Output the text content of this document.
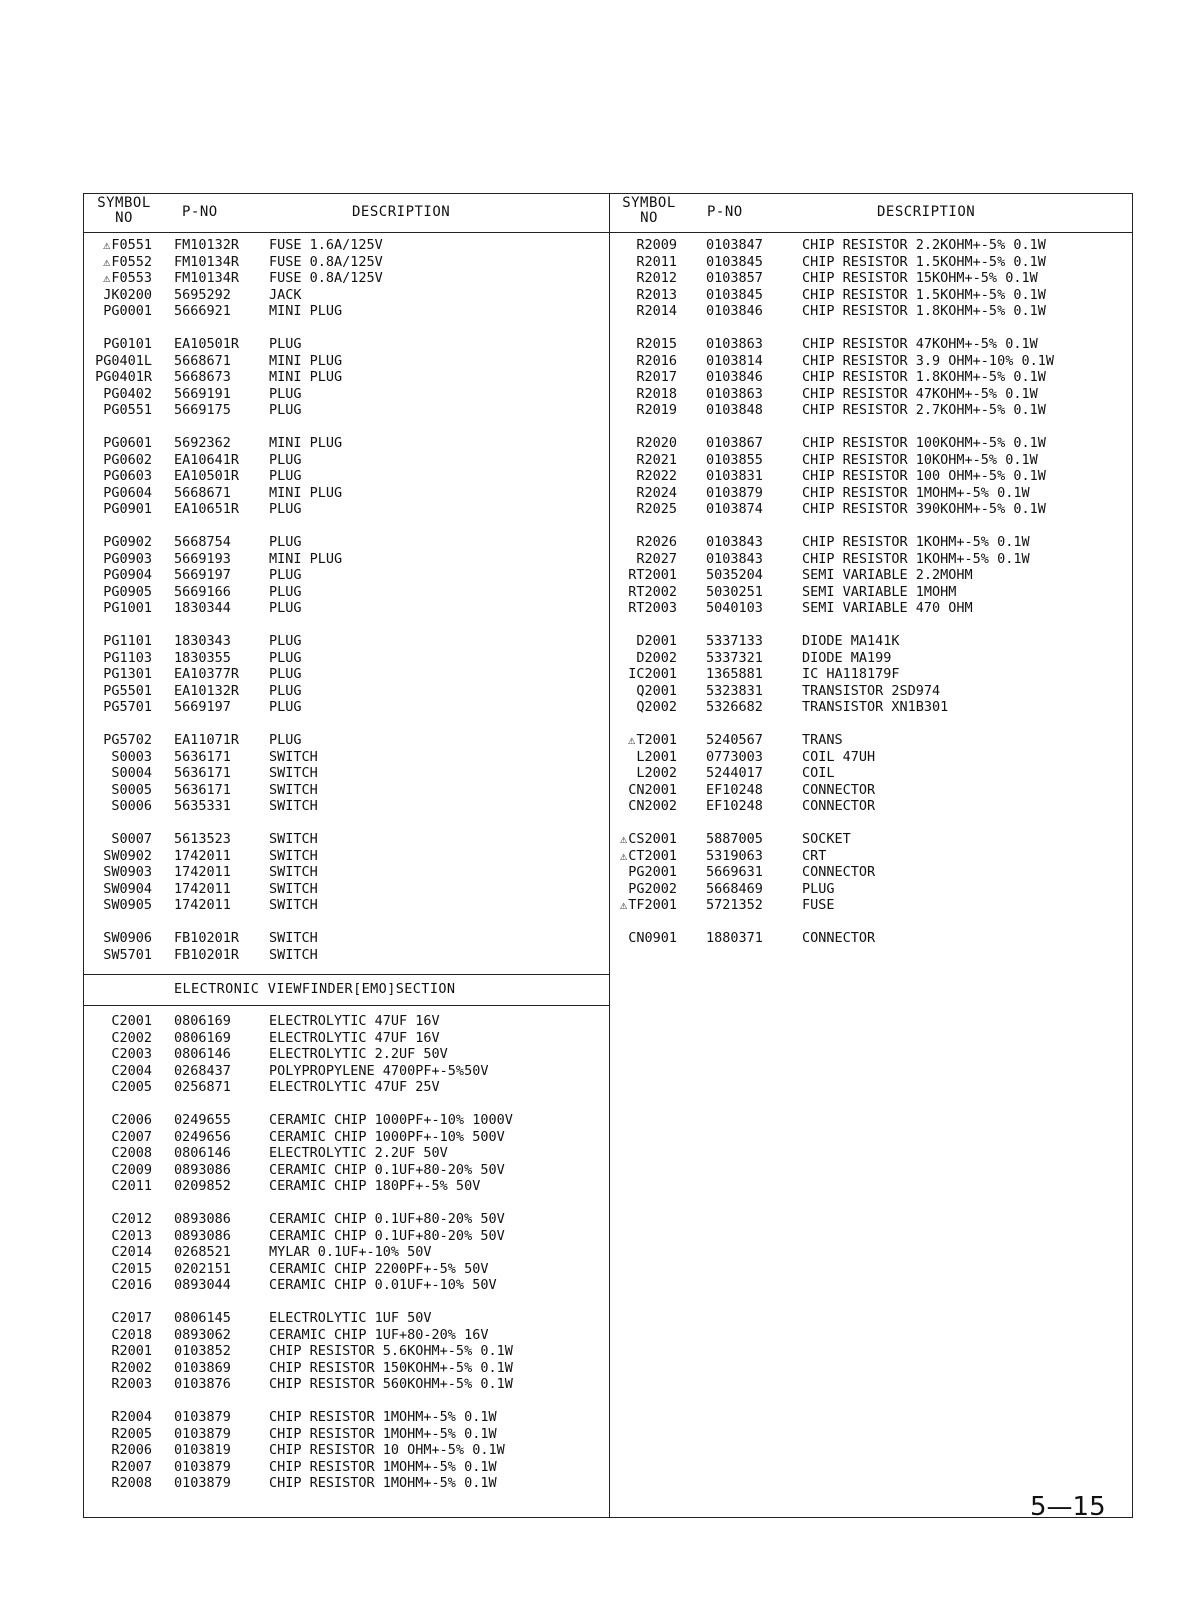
SYMBOL
NO	P-NO	DESCRIPTION
⚠F0551 FM10132R FUSE 1.6A/125V
⚠F0552 FM10134R FUSE 0.8A/125V
⚠F0553 FM10134R FUSE 0.8A/125V
JK0200 5695292	JACK
PG0001 5666921	MINI PLUG
PG0101 EA10501R PLUG
PG0401L 5668671	MINI PLUG
PG0401R 5668673	MINI PLUG
PG0402 5669191	PLUG
PG0551 5669175	PLUG
PG0601 5692362	MINI PLUG
PG0602 EA10641R PLUG
PG0603 EA10501R PLUG
PG0604 5668671	MINI PLUG
PG0901 EA10651R PLUG
PG0902 5668754	PLUG
PG0903 5669193	MINI PLUG
PG0904 5669197	PLUG
PG0905 5669166	PLUG
PG1001 1830344	PLUG
PG1101 1830343	PLUG
PG1103 1830355	PLUG
PG1301 EA10377R PLUG
PG5501 EA10132R PLUG
PG5701 5669197	PLUG
PG5702 EA11071R PLUG
S0003 5636171	SWITCH
S0004 5636171	SWITCH
S0005 5636171	SWITCH
S0006 5635331	SWITCH
S0007 5613523	SWITCH
SW0902 1742011	SWITCH
SW0903 1742011	SWITCH
SW0904 1742011	SWITCH
SW0905 1742011	SWITCH
SW0906 FB10201R SWITCH
SW5701 FB10201R SWITCH
ELECTRONIC VIEWFINDER[EMO]SECTION
C2001 0806169	ELECTROLYTIC 47UF 16V
C2002 0806169	ELECTROLYTIC 47UF 16V
C2003 0806146	ELECTROLYTIC 2.2UF 50V
C2004 0268437	POLYPROPYLENE 4700PF+-5%50V
C2005 0256871	ELECTROLYTIC 47UF 25V
C2006 0249655	CERAMIC CHIP 1000PF+-10% 1000V
C2007 0249656	CERAMIC CHIP 1000PF+-10% 500V
C2008 0806146	ELECTROLYTIC 2.2UF 50V
C2009 0893086	CERAMIC CHIP 0.1UF+80-20% 50V
C2011 0209852	CERAMIC CHIP 180PF+-5% 50V
C2012 0893086	CERAMIC CHIP 0.1UF+80-20% 50V
C2013 0893086	CERAMIC CHIP 0.1UF+80-20% 50V
C2014 0268521	MYLAR 0.1UF+-10% 50V
C2015 0202151	CERAMIC CHIP 2200PF+-5% 50V
C2016 0893044	CERAMIC CHIP 0.01UF+-10% 50V
C2017 0806145	ELECTROLYTIC 1UF 50V
C2018 0893062	CERAMIC CHIP 1UF+80-20% 16V
R2001 0103852	CHIP RESISTOR 5.6KOHM+-5% 0.1W
R2002 0103869	CHIP RESISTOR 150KOHM+-5% 0.1W
R2003 0103876	CHIP RESISTOR 560KOHM+-5% 0.1W
R2004 0103879	CHIP RESISTOR 1MOHM+-5% 0.1W
R2005 0103879	CHIP RESISTOR 1MOHM+-5% 0.1W
R2006 0103819	CHIP RESISTOR 10 OHM+-5% 0.1W
R2007 0103879	CHIP RESISTOR 1MOHM+-5% 0.1W
R2008 0103879	CHIP RESISTOR 1MOHM+-5% 0.1W
SYMBOL
NO	P-NO	DESCRIPTION
R2009 0103847	CHIP RESISTOR 2.2KOHM+-5% 0.1W
R2011 0103845	CHIP RESISTOR 1.5KOHM+-5% 0.1W
R2012 0103857	CHIP RESISTOR 15KOHM+-5% 0.1W
R2013 0103845	CHIP RESISTOR 1.5KOHM+-5% 0.1W
R2014 0103846	CHIP RESISTOR 1.8KOHM+-5% 0.1W
R2015 0103863	CHIP RESISTOR 47KOHM+-5% 0.1W
R2016 0103814	CHIP RESISTOR 3.9 OHM+-10% 0.1W
R2017 0103846	CHIP RESISTOR 1.8KOHM+-5% 0.1W
R2018 0103863	CHIP RESISTOR 47KOHM+-5% 0.1W
R2019 0103848	CHIP RESISTOR 2.7KOHM+-5% 0.1W
R2020 0103867	CHIP RESISTOR 100KOHM+-5% 0.1W
R2021 0103855	CHIP RESISTOR 10KOHM+-5% 0.1W
R2022 0103831	CHIP RESISTOR 100 OHM+-5% 0.1W
R2024 0103879	CHIP RESISTOR 1MOHM+-5% 0.1W
R2025 0103874	CHIP RESISTOR 390KOHM+-5% 0.1W
R2026 0103843	CHIP RESISTOR 1KOHM+-5% 0.1W
R2027 0103843	CHIP RESISTOR 1KOHM+-5% 0.1W
RT2001 5035204	SEMI VARIABLE 2.2MOHM
RT2002 5030251	SEMI VARIABLE 1MOHM
RT2003 5040103	SEMI VARIABLE 470 OHM
D2001 5337133	DIODE MA141K
D2002 5337321	DIODE MA199
IC2001 1365881	IC HA118179F
Q2001 5323831	TRANSISTOR 2SD974
Q2002 5326682	TRANSISTOR XN1B301
⚠T2001 5240567	TRANS
L2001 0773003	COIL 47UH
L2002 5244017	COIL
CN2001 EF10248	CONNECTOR
CN2002 EF10248	CONNECTOR
⚠CS2001 5887005	SOCKET
⚠CT2001 5319063	CRT
PG2001 5669631	CONNECTOR
PG2002 5668469	PLUG
⚠TF2001 5721352	FUSE
CN0901 1880371	CONNECTOR
5—15
